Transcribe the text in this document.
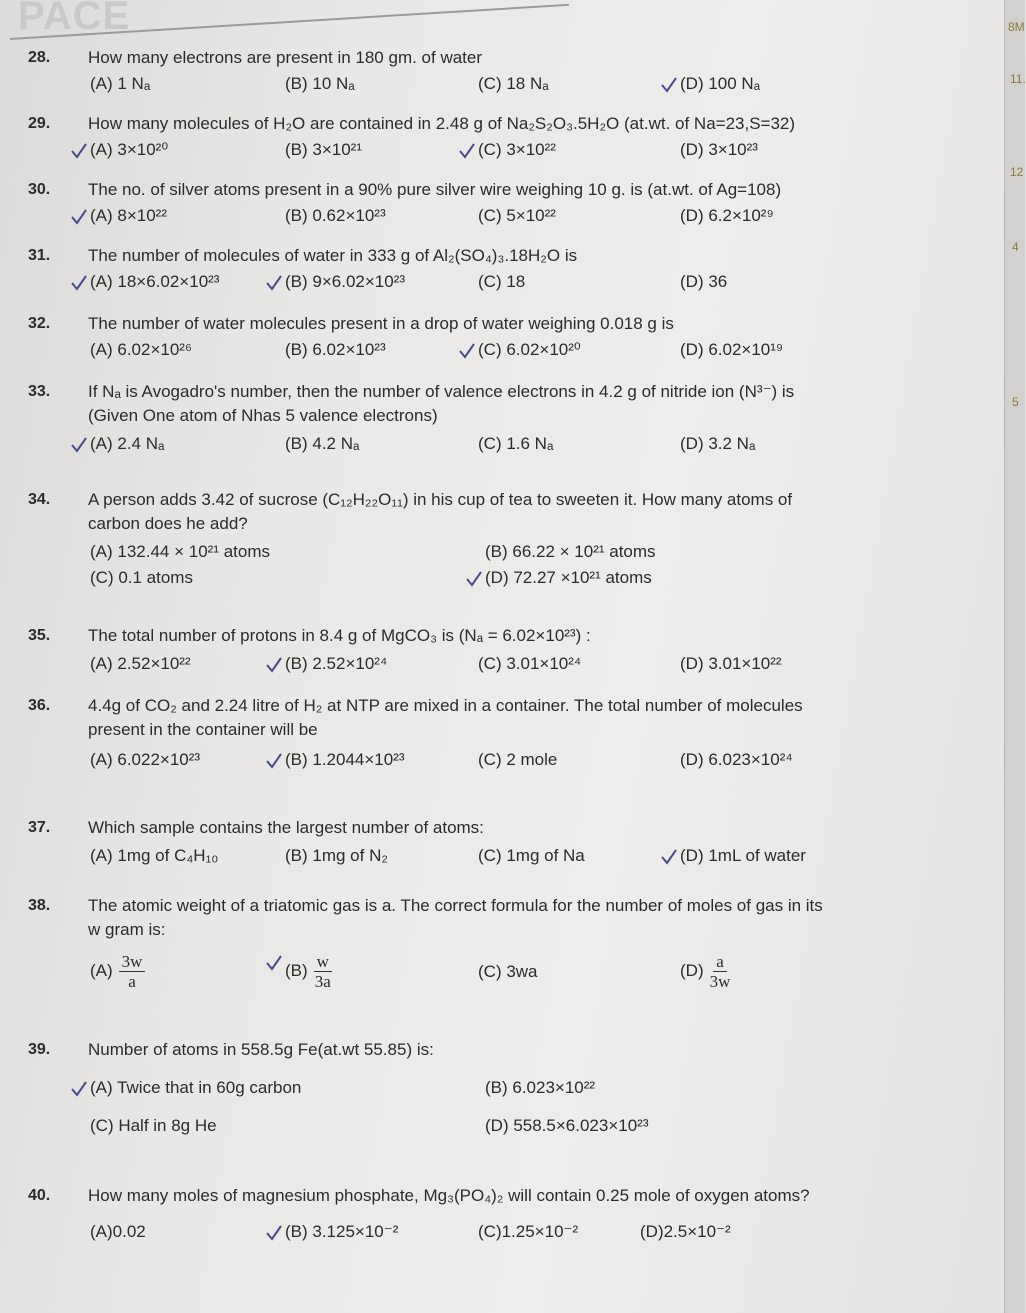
PACE	8M
11.
12
4
5
28. How many electrons are present in 180 gm. of water
(A) 1 Nₐ	(B) 10 Nₐ	(C) 18 Nₐ	(D) 100 Nₐ
29. How many molecules of H₂O are contained in 2.48 g of Na₂S₂O₃.5H₂O (at.wt. of Na=23,S=32)
(A) 3×10²⁰	(B) 3×10²¹	(C) 3×10²²	(D) 3×10²³
30. The no. of silver atoms present in a 90% pure silver wire weighing 10 g. is (at.wt. of Ag=108)
(A) 8×10²²	(B) 0.62×10²³	(C) 5×10²²	(D) 6.2×10²⁹
31. The number of molecules of water in 333 g of Al₂(SO₄)₃.18H₂O is
(A) 18×6.02×10²³	(B) 9×6.02×10²³	(C) 18	(D) 36
32. The number of water molecules present in a drop of water weighing 0.018 g is
(A) 6.02×10²⁶	(B) 6.02×10²³	(C) 6.02×10²⁰	(D) 6.02×10¹⁹
33. If Nₐ is Avogadro's number, then the number of valence electrons in 4.2 g of nitride ion (N³⁻) is
(Given One atom of Nhas 5 valence electrons)
(A) 2.4 Nₐ	(B) 4.2 Nₐ	(C) 1.6 Nₐ	(D) 3.2 Nₐ
34. A person adds 3.42 of sucrose (C₁₂H₂₂O₁₁) in his cup of tea to sweeten it. How many atoms of
carbon does he add?
(A) 132.44 × 10²¹ atoms	(B) 66.22 × 10²¹ atoms
(C) 0.1 atoms	(D) 72.27 ×10²¹ atoms
35. The total number of protons in 8.4 g of MgCO₃ is (Nₐ = 6.02×10²³) :
(A) 2.52×10²²	(B) 2.52×10²⁴	(C) 3.01×10²⁴	(D) 3.01×10²²
36. 4.4g of CO₂ and 2.24 litre of H₂ at NTP are mixed in a container. The total number of molecules
present in the container will be
(A) 6.022×10²³	(B) 1.2044×10²³	(C) 2 mole	(D) 6.023×10²⁴
37. Which sample contains the largest number of atoms:
(A) 1mg of C₄H₁₀	(B) 1mg of N₂	(C) 1mg of Na	(D) 1mL of water
38. The atomic weight of a triatomic gas is a. The correct formula for the number of moles of gas in its
w gram is:
$(A) \frac{3w}{a}$	$(B) \frac{w}{3a}$	(C) 3wa	$(D) \frac{a}{3w}$
39. Number of atoms in 558.5g Fe(at.wt 55.85) is:
(A) Twice that in 60g carbon	(B) 6.023×10²²
(C) Half in 8g He	(D) 558.5×6.023×10²³
40. How many moles of magnesium phosphate, Mg₃(PO₄)₂ will contain 0.25 mole of oxygen atoms?
(A)0.02	(B) 3.125×10⁻²	(C)1.25×10⁻²	(D)2.5×10⁻²
